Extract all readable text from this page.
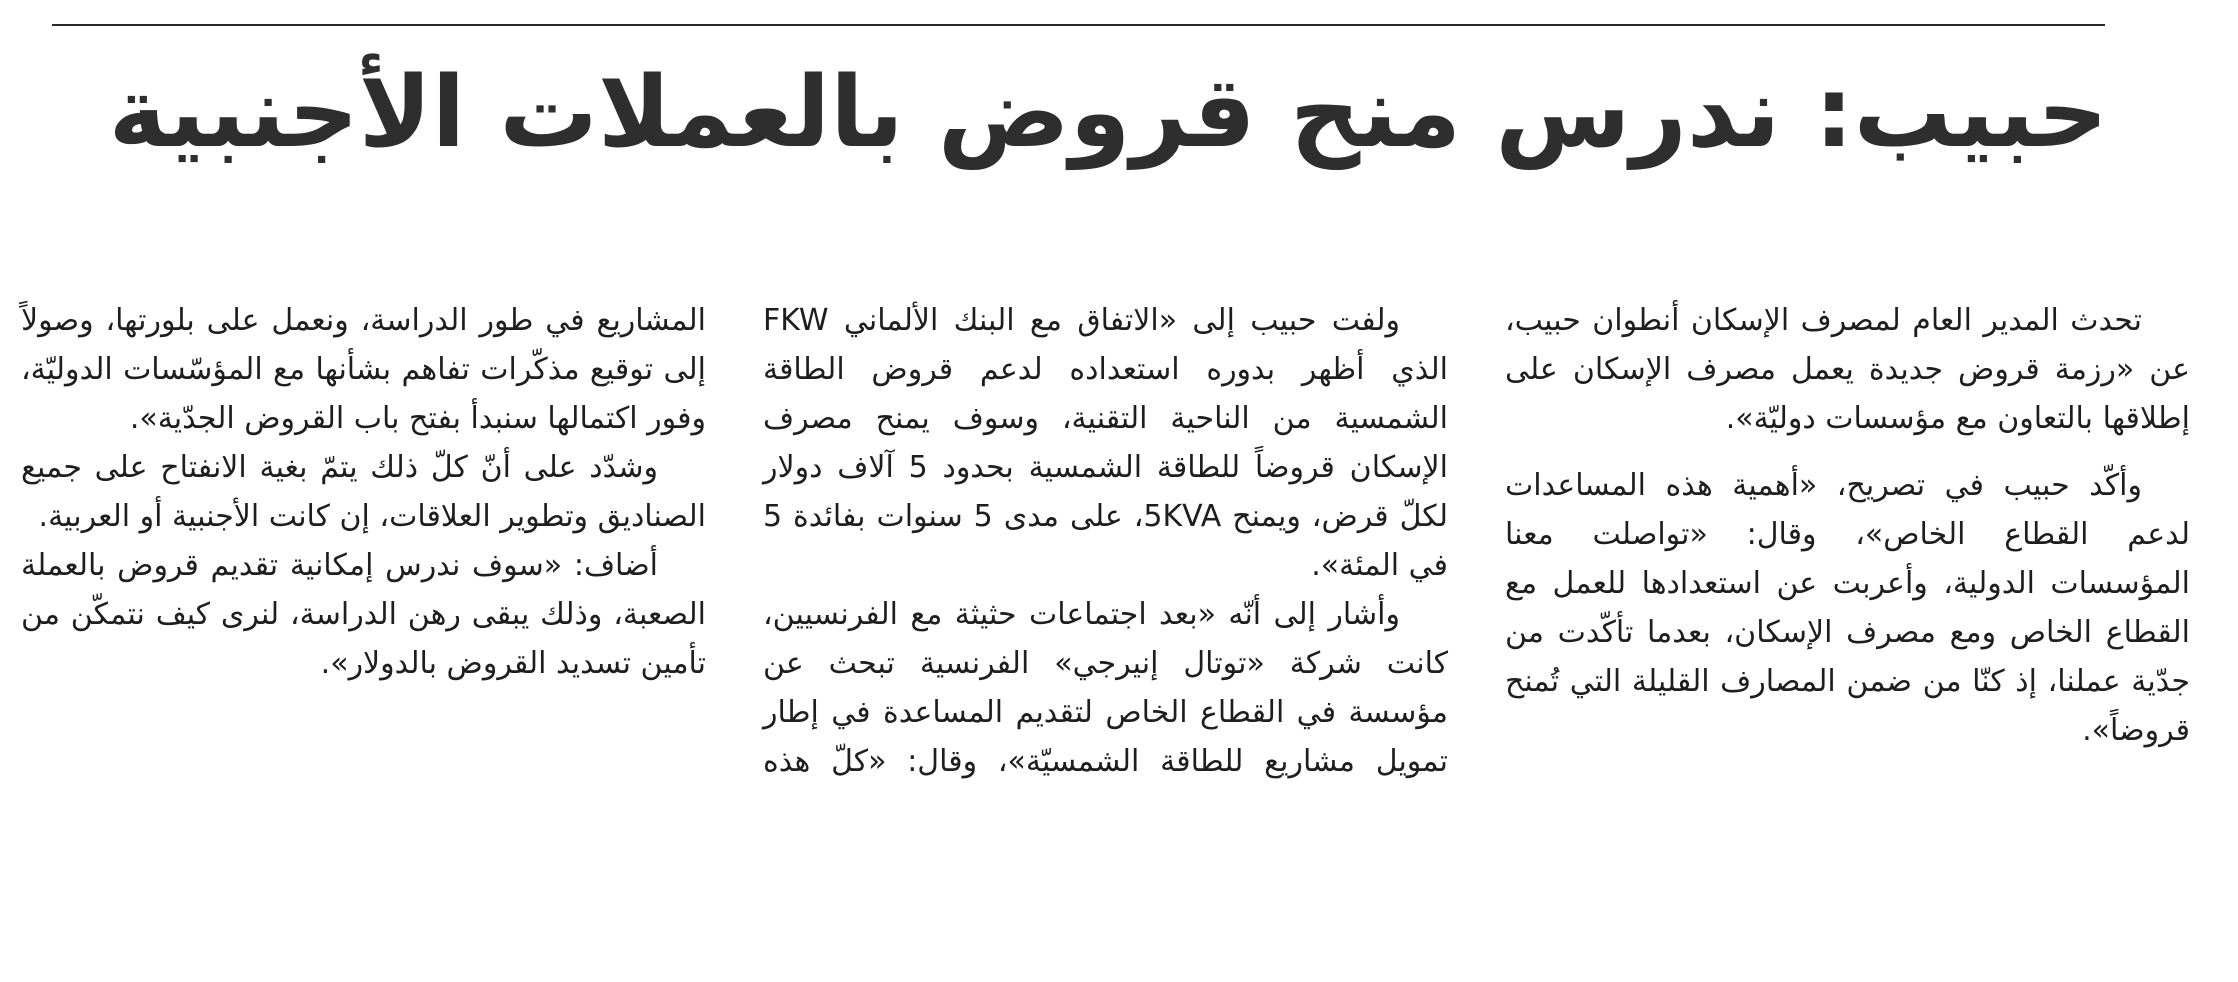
حبيب: ندرس منح قروض بالعملات الأجنبية

تحدث المدير العام لمصرف الإسكان أنطوان حبيب، عن «رزمة قروض جديدة يعمل مصرف الإسكان على إطلاقها بالتعاون مع مؤسسات دوليّة».

وأكّد حبيب في تصريح، «أهمية هذه المساعدات لدعم القطاع الخاص»، وقال: «تواصلت معنا المؤسسات الدولية، وأعربت عن استعدادها للعمل مع القطاع الخاص ومع مصرف الإسكان، بعدما تأكّدت من جدّية عملنا، إذ كنّا من ضمن المصارف القليلة التي تُمنح قروضاً».

ولفت حبيب إلى «الاتفاق مع البنك الألماني FKW الذي أظهر بدوره استعداده لدعم قروض الطاقة الشمسية من الناحية التقنية، وسوف يمنح مصرف الإسكان قروضاً للطاقة الشمسية بحدود 5 آلاف دولار لكلّ قرض، ويمنح 5KVA، على مدى 5 سنوات بفائدة 5 في المئة».

وأشار إلى أنّه «بعد اجتماعات حثيثة مع الفرنسيين، كانت شركة «توتال إنيرجي» الفرنسية تبحث عن مؤسسة في القطاع الخاص لتقديم المساعدة في إطار تمويل مشاريع للطاقة الشمسيّة»، وقال: «كلّ هذه

المشاريع في طور الدراسة، ونعمل على بلورتها، وصولاً إلى توقيع مذكّرات تفاهم بشأنها مع المؤسّسات الدوليّة، وفور اكتمالها سنبدأ بفتح باب القروض الجدّية».

وشدّد على أنّ كلّ ذلك يتمّ بغية الانفتاح على جميع الصناديق وتطوير العلاقات، إن كانت الأجنبية أو العربية.

أضاف: «سوف ندرس إمكانية تقديم قروض بالعملة الصعبة، وذلك يبقى رهن الدراسة، لنرى كيف نتمكّن من تأمين تسديد القروض بالدولار».
